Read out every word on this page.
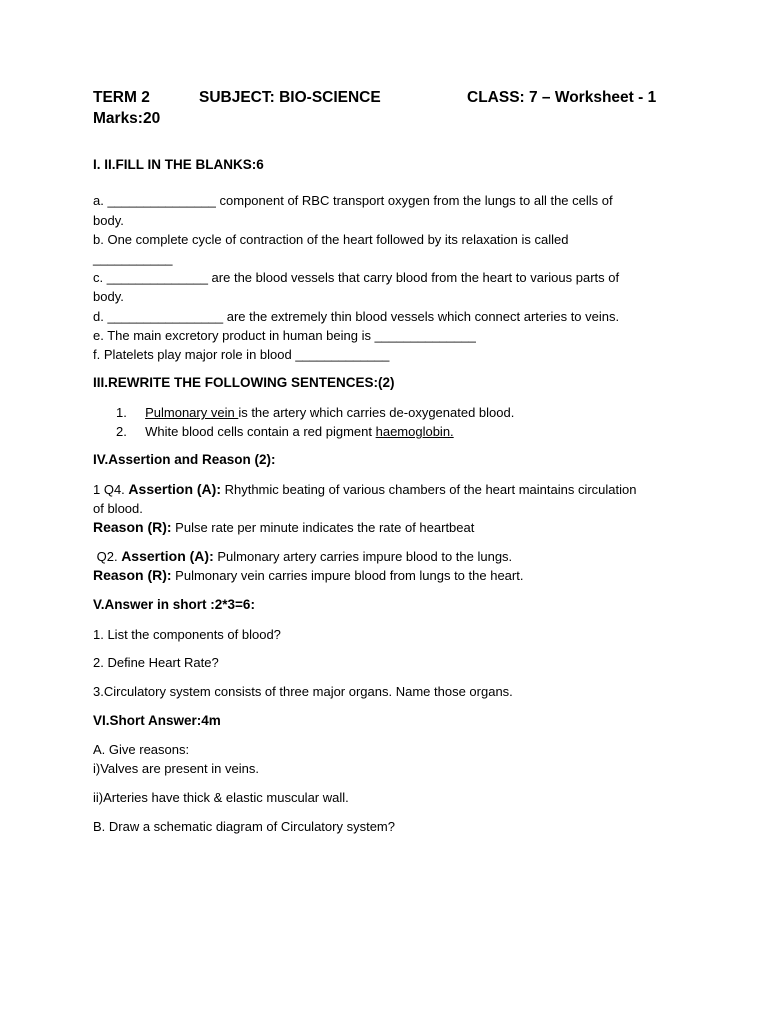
TERM 2	SUBJECT: BIO-SCIENCE	CLASS: 7 – Worksheet - 1
Marks:20
I. II.FILL IN THE BLANKS:6
a. _______________ component of RBC transport oxygen from the lungs to all the cells of
body.
b. One complete cycle of contraction of the heart followed by its relaxation is called
___________
c. ______________ are the blood vessels that carry blood from the heart to various parts of
body.
d. ________________ are the extremely thin blood vessels which connect arteries to veins.
e. The main excretory product in human being is ______________
f. Platelets play major role in blood _____________
III.REWRITE THE FOLLOWING SENTENCES:(2)
1. Pulmonary vein is the artery which carries de-oxygenated blood.
2. White blood cells contain a red pigment haemoglobin.
IV.Assertion and Reason (2):
1 Q4. Assertion (A): Rhythmic beating of various chambers of the heart maintains circulation
of blood.
Reason (R): Pulse rate per minute indicates the rate of heartbeat
Q2. Assertion (A): Pulmonary artery carries impure blood to the lungs.
Reason (R): Pulmonary vein carries impure blood from lungs to the heart.
V.Answer in short :2*3=6:
1. List the components of blood?
2. Define Heart Rate?
3.Circulatory system consists of three major organs. Name those organs.
VI.Short Answer:4m
A. Give reasons:
i)Valves are present in veins.
ii)Arteries have thick & elastic muscular wall.
B. Draw a schematic diagram of Circulatory system?
